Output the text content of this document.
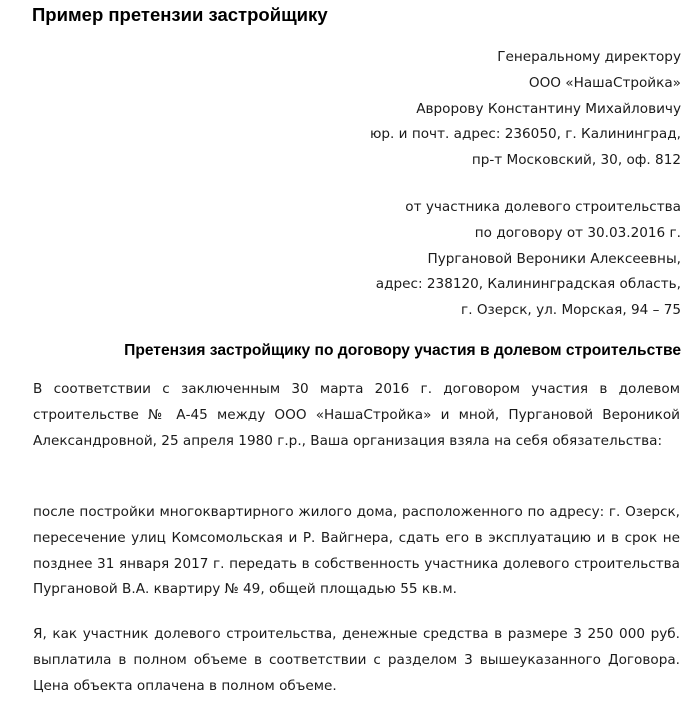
Пример претензии застройщику
Генеральному директору
ООО «НашаСтройка»
Авророву Константину Михайловичу
юр. и почт. адрес: 236050, г. Калининград,
пр-т Московский, 30, оф. 812
от участника долевого строительства
по договору от 30.03.2016 г.
Пургановой Вероники Алексеевны,
адрес: 238120, Калининградская область,
г. Озерск, ул. Морская, 94 – 75
Претензия застройщику по договору участия в долевом строительстве

В соответствии с заключенным 30 марта 2016 г. договором участия в долевом строительстве № А-45 между ООО «НашаСтройка» и мной, Пургановой Вероникой Александровной, 25 апреля 1980 г.р., Ваша организация взяла на себя обязательства:

после постройки многоквартирного жилого дома, расположенного по адресу: г. Озерск, пересечение улиц Комсомольская и Р. Вайгнера, сдать его в эксплуатацию и в срок не позднее 31 января 2017 г. передать в собственность участника долевого строительства Пургановой В.А. квартиру № 49, общей площадью 55 кв.м.

Я, как участник долевого строительства, денежные средства в размере 3 250 000 руб. выплатила в полном объеме в соответствии с разделом 3 вышеуказанного Договора. Цена объекта оплачена в полном объеме.
